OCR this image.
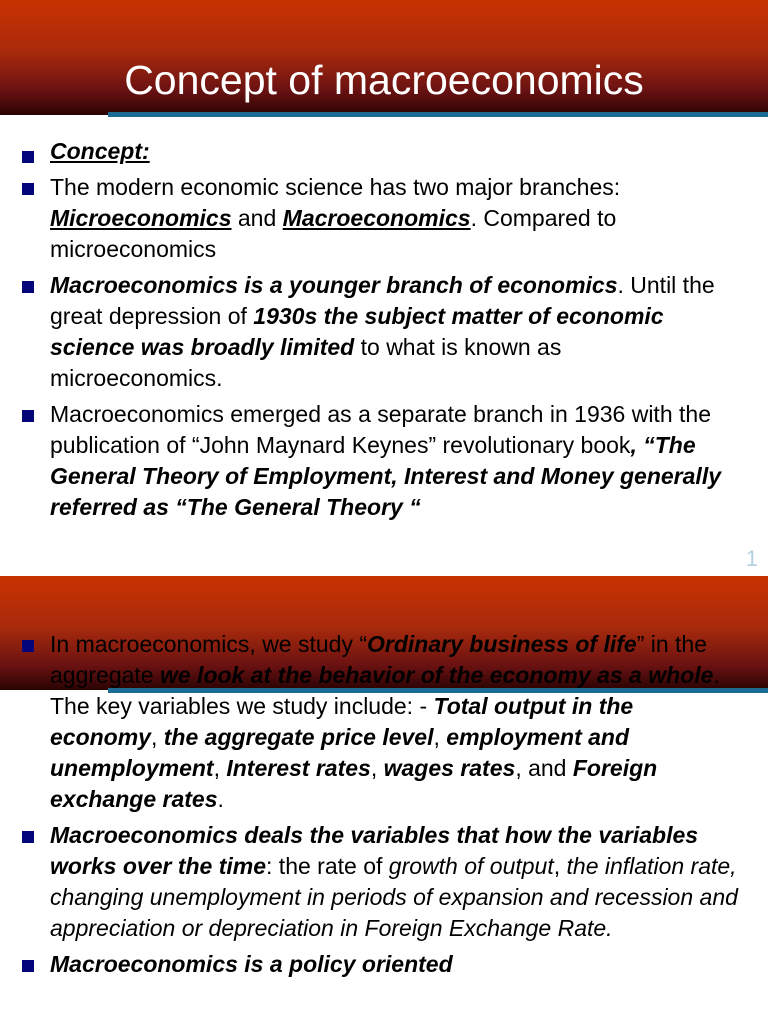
Concept of macroeconomics
Concept:
The modern economic science has two major branches: Microeconomics and Macroeconomics. Compared to microeconomics
Macroeconomics is a younger branch of economics. Until the great depression of 1930s the subject matter of economic science was broadly limited to what is known as microeconomics.
Macroeconomics emerged as a separate branch in 1936 with the publication of “John Maynard Keynes” revolutionary book, “The General Theory of Employment, Interest and Money generally referred as “The General Theory “
1
In macroeconomics, we study “Ordinary business of life” in the aggregate we look at the behavior of the economy as a whole. The key variables we study include: - Total output in the economy, the aggregate price level, employment and unemployment, Interest rates, wages rates, and Foreign exchange rates.
Macroeconomics deals the variables that how the variables works over the time: the rate of growth of output, the inflation rate, changing unemployment in periods of expansion and recession and appreciation or depreciation in Foreign Exchange Rate.
Macroeconomics is a policy oriented
